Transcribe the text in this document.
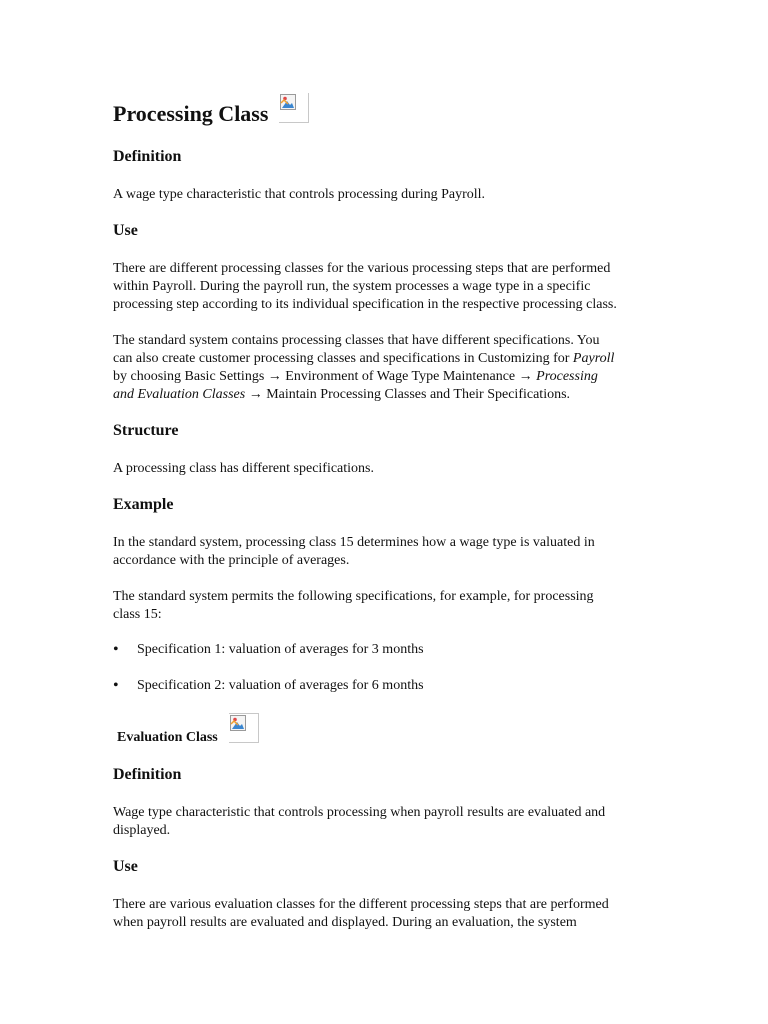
Processing Class
Definition
A wage type characteristic that controls processing during Payroll.
Use
There are different processing classes for the various processing steps that are performed
within Payroll. During the payroll run, the system processes a wage type in a specific
processing step according to its individual specification in the respective processing class.
The standard system contains processing classes that have different specifications. You
can also create customer processing classes and specifications in Customizing for Payroll
by choosing Basic Settings → Environment of Wage Type Maintenance → Processing
and Evaluation Classes → Maintain Processing Classes and Their Specifications.
Structure
A processing class has different specifications.
Example
In the standard system, processing class 15 determines how a wage type is valuated in
accordance with the principle of averages.
The standard system permits the following specifications, for example, for processing
class 15:
• Specification 1: valuation of averages for 3 months
• Specification 2: valuation of averages for 6 months
Evaluation Class
Definition
Wage type characteristic that controls processing when payroll results are evaluated and
displayed.
Use
There are various evaluation classes for the different processing steps that are performed
when payroll results are evaluated and displayed. During an evaluation, the system
